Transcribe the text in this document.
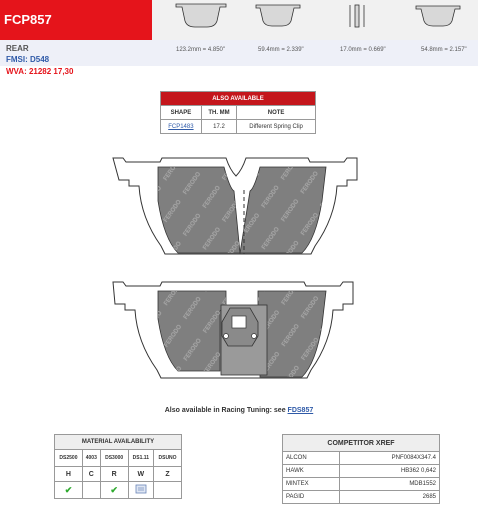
FCP857
REAR
FMSI: D548
WVA: 21282 17,30
123.2mm = 4.850"	59.4mm = 2.339"	17.0mm = 0.669"	54.8mm = 2.157"
ALSO AVAILABLE		
SHAPE	TH. MM	NOTE
FCP1483	17.2	Different Spring Clip
Also available in Racing Tuning: see FDS857
MATERIAL AVAILABILITY				
DS2500	4003	DS3000	DS1.11	DSUNO
H	C	R	W	Z
✔		✔		
COMPETITOR XREF	
ALCON	PNF0084X347.4
HAWK	HB362 0,642
MINTEX	MDB1552
PAGID	2685
